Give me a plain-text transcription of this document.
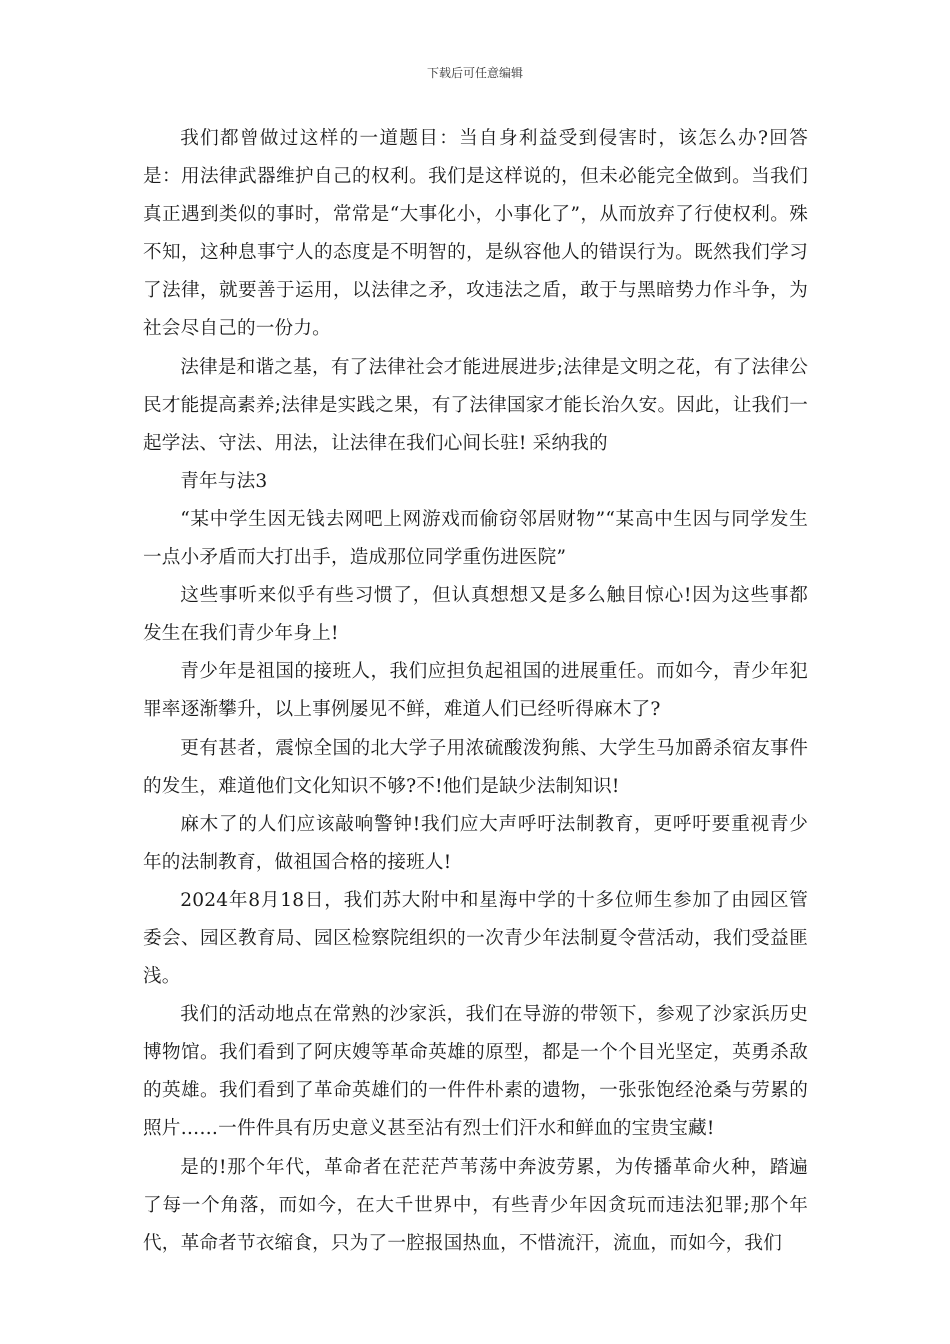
下载后可任意编辑

我们都曾做过这样的一道题目：当自身利益受到侵害时，该怎么办?回答是：用法律武器维护自己的权利。我们是这样说的，但未必能完全做到。当我们真正遇到类似的事时，常常是“大事化小，小事化了”，从而放弃了行使权利。殊不知，这种息事宁人的态度是不明智的，是纵容他人的错误行为。既然我们学习了法律，就要善于运用，以法律之矛，攻违法之盾，敢于与黑暗势力作斗争，为社会尽自己的一份力。

法律是和谐之基，有了法律社会才能进展进步;法律是文明之花，有了法律公民才能提高素养;法律是实践之果，有了法律国家才能长治久安。因此，让我们一起学法、守法、用法，让法律在我们心间长驻! 采纳我的

青年与法3

“某中学生因无钱去网吧上网游戏而偷窃邻居财物”“某高中生因与同学发生一点小矛盾而大打出手，造成那位同学重伤进医院”

这些事听来似乎有些习惯了，但认真想想又是多么触目惊心!因为这些事都发生在我们青少年身上!

青少年是祖国的接班人，我们应担负起祖国的进展重任。而如今，青少年犯罪率逐渐攀升，以上事例屡见不鲜，难道人们已经听得麻木了?

更有甚者，震惊全国的北大学子用浓硫酸泼狗熊、大学生马加爵杀宿友事件的发生，难道他们文化知识不够?不!他们是缺少法制知识!

麻木了的人们应该敲响警钟!我们应大声呼吁法制教育，更呼吁要重视青少年的法制教育，做祖国合格的接班人!

2024年8月18日，我们苏大附中和星海中学的十多位师生参加了由园区管委会、园区教育局、园区检察院组织的一次青少年法制夏令营活动，我们受益匪浅。

我们的活动地点在常熟的沙家浜，我们在导游的带领下，参观了沙家浜历史博物馆。我们看到了阿庆嫂等革命英雄的原型，都是一个个目光坚定，英勇杀敌的英雄。我们看到了革命英雄们的一件件朴素的遗物，一张张饱经沧桑与劳累的照片……一件件具有历史意义甚至沾有烈士们汗水和鲜血的宝贵宝藏!

是的!那个年代，革命者在茫茫芦苇荡中奔波劳累，为传播革命火种，踏遍了每一个角落，而如今，在大千世界中，有些青少年因贪玩而违法犯罪;那个年代，革命者节衣缩食，只为了一腔报国热血，不惜流汗，流血，而如今，我们
